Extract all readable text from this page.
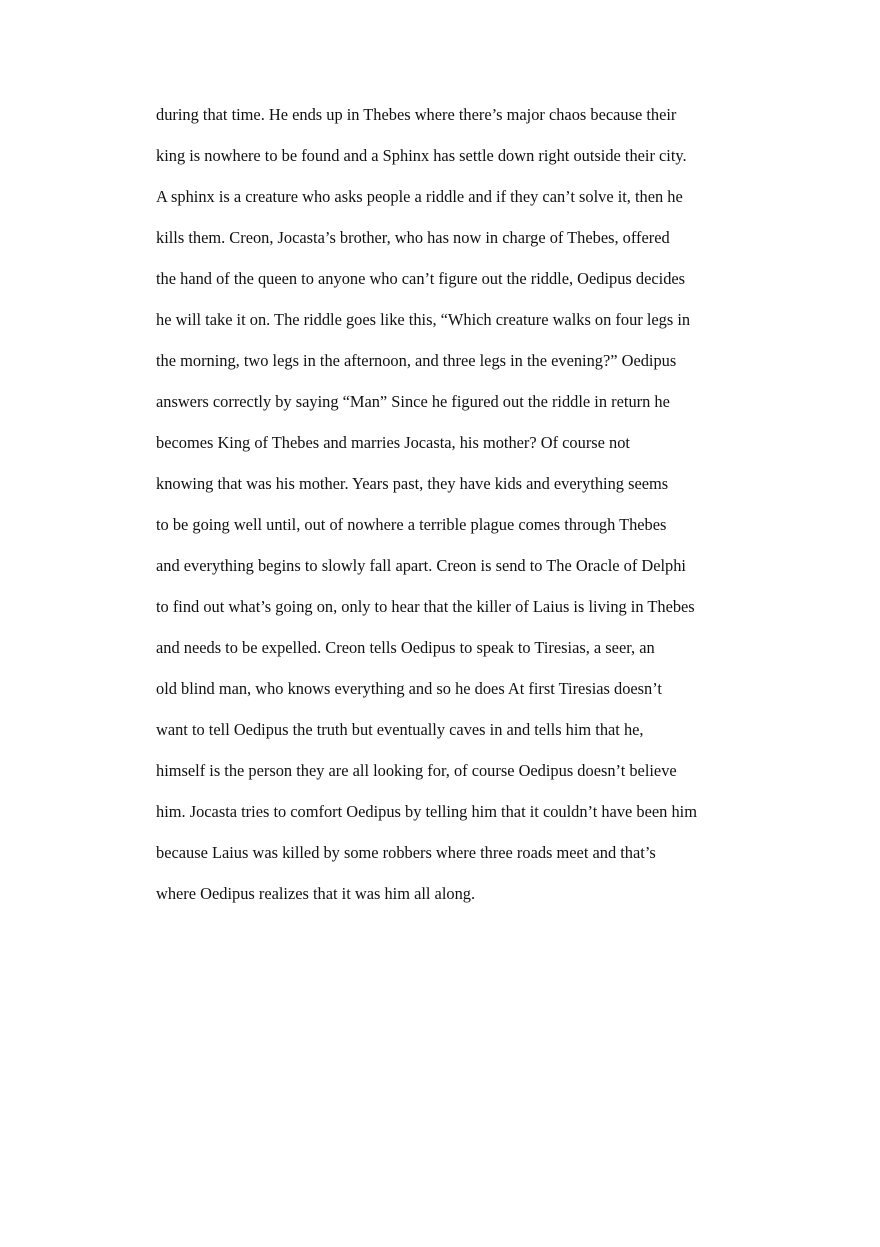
during that time. He ends up in Thebes where there’s major chaos because their
king is nowhere to be found and a Sphinx has settle down right outside their city.
A sphinx is a creature who asks people a riddle and if they can’t solve it, then he
kills them. Creon, Jocasta’s brother, who has now in charge of Thebes, offered
the hand of the queen to anyone who can’t figure out the riddle, Oedipus decides
he will take it on. The riddle goes like this, “Which creature walks on four legs in
the morning, two legs in the afternoon, and three legs in the evening?” Oedipus
answers correctly by saying “Man” Since he figured out the riddle in return he
becomes King of Thebes and marries Jocasta, his mother? Of course not
knowing that was his mother. Years past, they have kids and everything seems
to be going well until, out of nowhere a terrible plague comes through Thebes
and everything begins to slowly fall apart. Creon is send to The Oracle of Delphi
to find out what’s going on, only to hear that the killer of Laius is living in Thebes
and needs to be expelled. Creon tells Oedipus to speak to Tiresias, a seer, an
old blind man, who knows everything and so he does At first Tiresias doesn’t
want to tell Oedipus the truth but eventually caves in and tells him that he,
himself is the person they are all looking for, of course Oedipus doesn’t believe
him. Jocasta tries to comfort Oedipus by telling him that it couldn’t have been him
because Laius was killed by some robbers where three roads meet and that’s
where Oedipus realizes that it was him all along.
